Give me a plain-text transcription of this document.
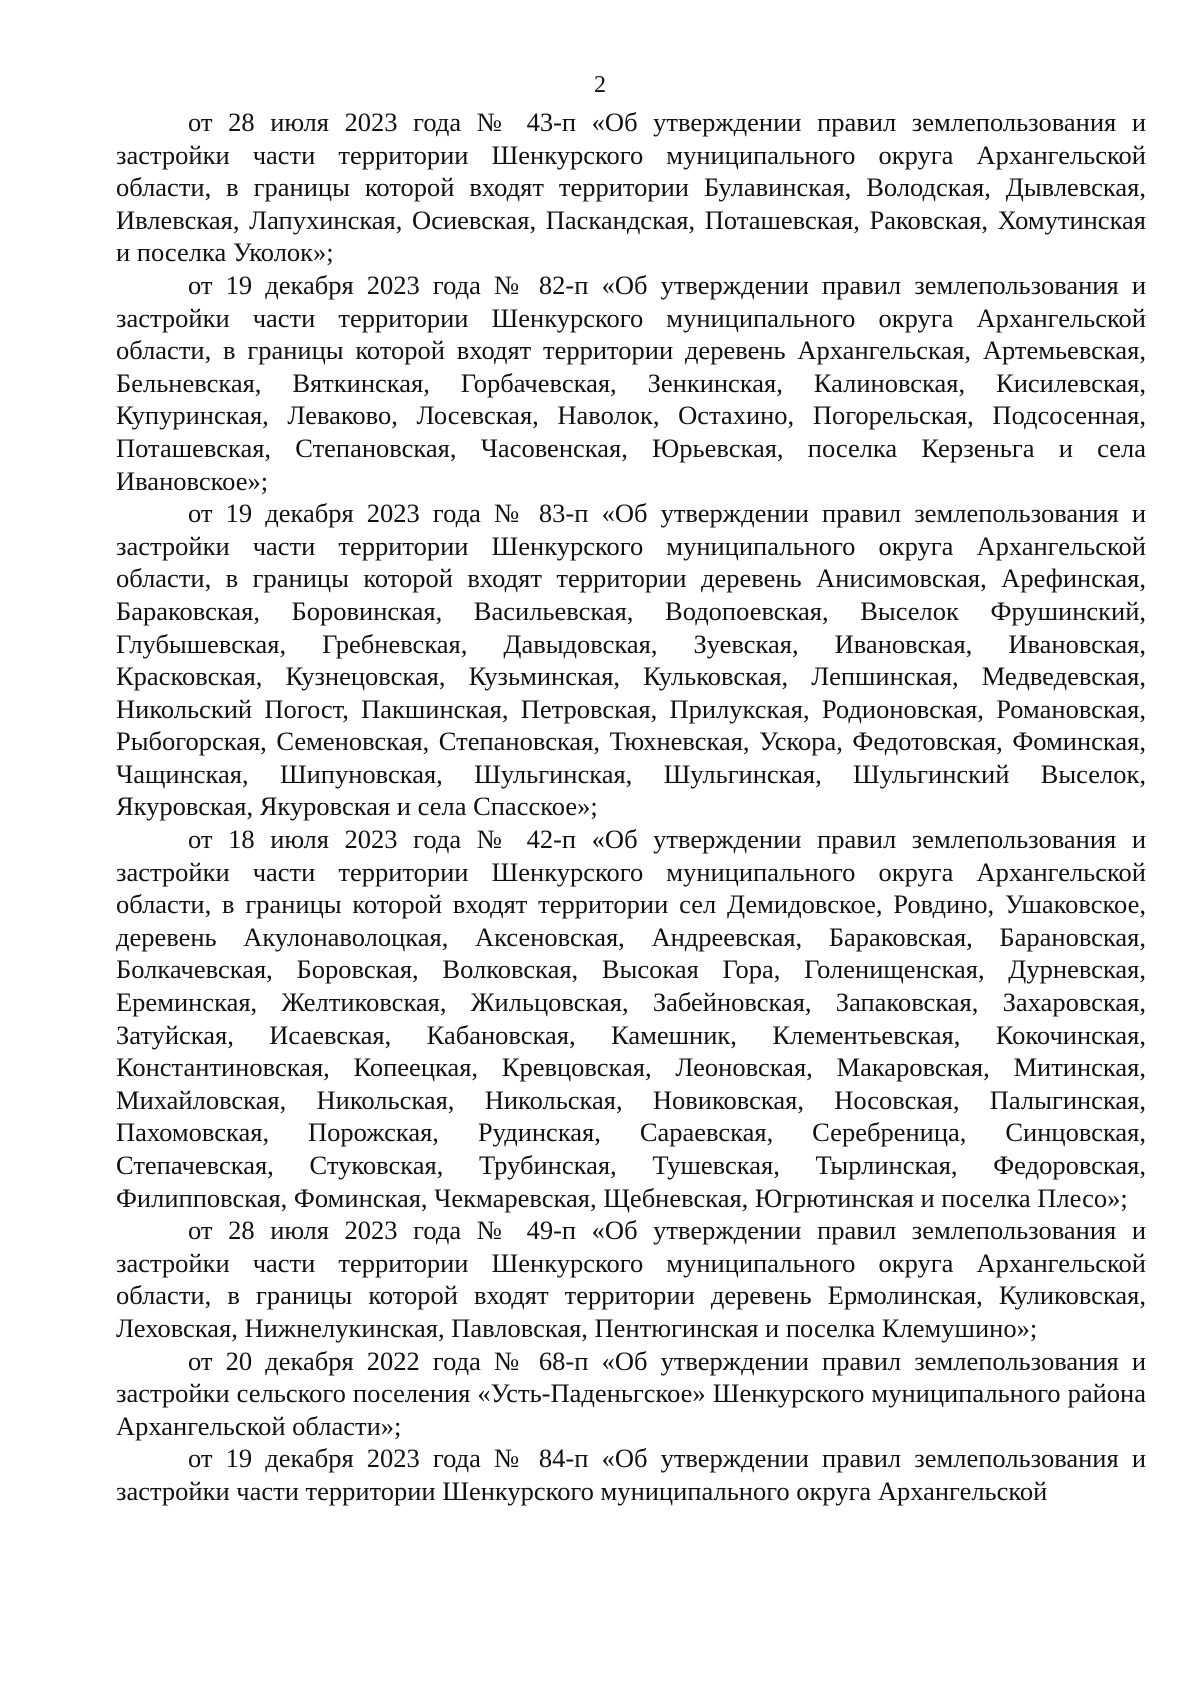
2

от 28 июля 2023 года № 43-п «Об утверждении правил землепользования и застройки части территории Шенкурского муниципального округа Архангельской области, в границы которой входят территории Булавинская, Володская, Дывлевская, Ивлевская, Лапухинская, Осиевская, Паскандская, Поташевская, Раковская, Хомутинская и поселка Уколок»;

от 19 декабря 2023 года № 82-п «Об утверждении правил землепользования и застройки части территории Шенкурского муниципального округа Архангельской области, в границы которой входят территории деревень Архангельская, Артемьевская, Бельневская, Вяткинская, Горбачевская, Зенкинская, Калиновская, Кисилевская, Купуринская, Леваково, Лосевская, Наволок, Остахино, Погорельская, Подсосенная, Поташевская, Степановская, Часовенская, Юрьевская, поселка Керзеньга и села Ивановское»;

от 19 декабря 2023 года № 83-п «Об утверждении правил землепользования и застройки части территории Шенкурского муниципального округа Архангельской области, в границы которой входят территории деревень Анисимовская, Арефинская, Бараковская, Боровинская, Васильевская, Водопоевская, Выселок Фрушинский, Глубышевская, Гребневская, Давыдовская, Зуевская, Ивановская, Ивановская, Красковская, Кузнецовская, Кузьминская, Кульковская, Лепшинская, Медведевская, Никольский Погост, Пакшинская, Петровская, Прилукская, Родионовская, Романовская, Рыбогорская, Семеновская, Степановская, Тюхневская, Ускора, Федотовская, Фоминская, Чащинская, Шипуновская, Шульгинская, Шульгинская, Шульгинский Выселок, Якуровская, Якуровская и села Спасское»;

от 18 июля 2023 года № 42-п «Об утверждении правил землепользования и застройки части территории Шенкурского муниципального округа Архангельской области, в границы которой входят территории сел Демидовское, Ровдино, Ушаковское, деревень Акулонаволоцкая, Аксеновская, Андреевская, Бараковская, Барановская, Болкачевская, Боровская, Волковская, Высокая Гора, Голенищенская, Дурневская, Ереминская, Желтиковская, Жильцовская, Забейновская, Запаковская, Захаровская, Затуйская, Исаевская, Кабановская, Камешник, Клементьевская, Кокочинская, Константиновская, Копеецкая, Кревцовская, Леоновская, Макаровская, Митинская, Михайловская, Никольская, Никольская, Новиковская, Носовская, Палыгинская, Пахомовская, Порожская, Рудинская, Сараевская, Серебреница, Синцовская, Степачевская, Стуковская, Трубинская, Тушевская, Тырлинская, Федоровская, Филипповская, Фоминская, Чекмаревская, Щебневская, Югрютинская и поселка Плесо»;

от 28 июля 2023 года № 49-п «Об утверждении правил землепользования и застройки части территории Шенкурского муниципального округа Архангельской области, в границы которой входят территории деревень Ермолинская, Куликовская, Леховская, Нижнелукинская, Павловская, Пентюгинская и поселка Клемушино»;

от 20 декабря 2022 года № 68-п «Об утверждении правил землепользования и застройки сельского поселения «Усть-Паденьгское» Шенкурского муниципального района Архангельской области»;

от 19 декабря 2023 года № 84-п «Об утверждении правил землепользования и застройки части территории Шенкурского муниципального округа Архангельской
